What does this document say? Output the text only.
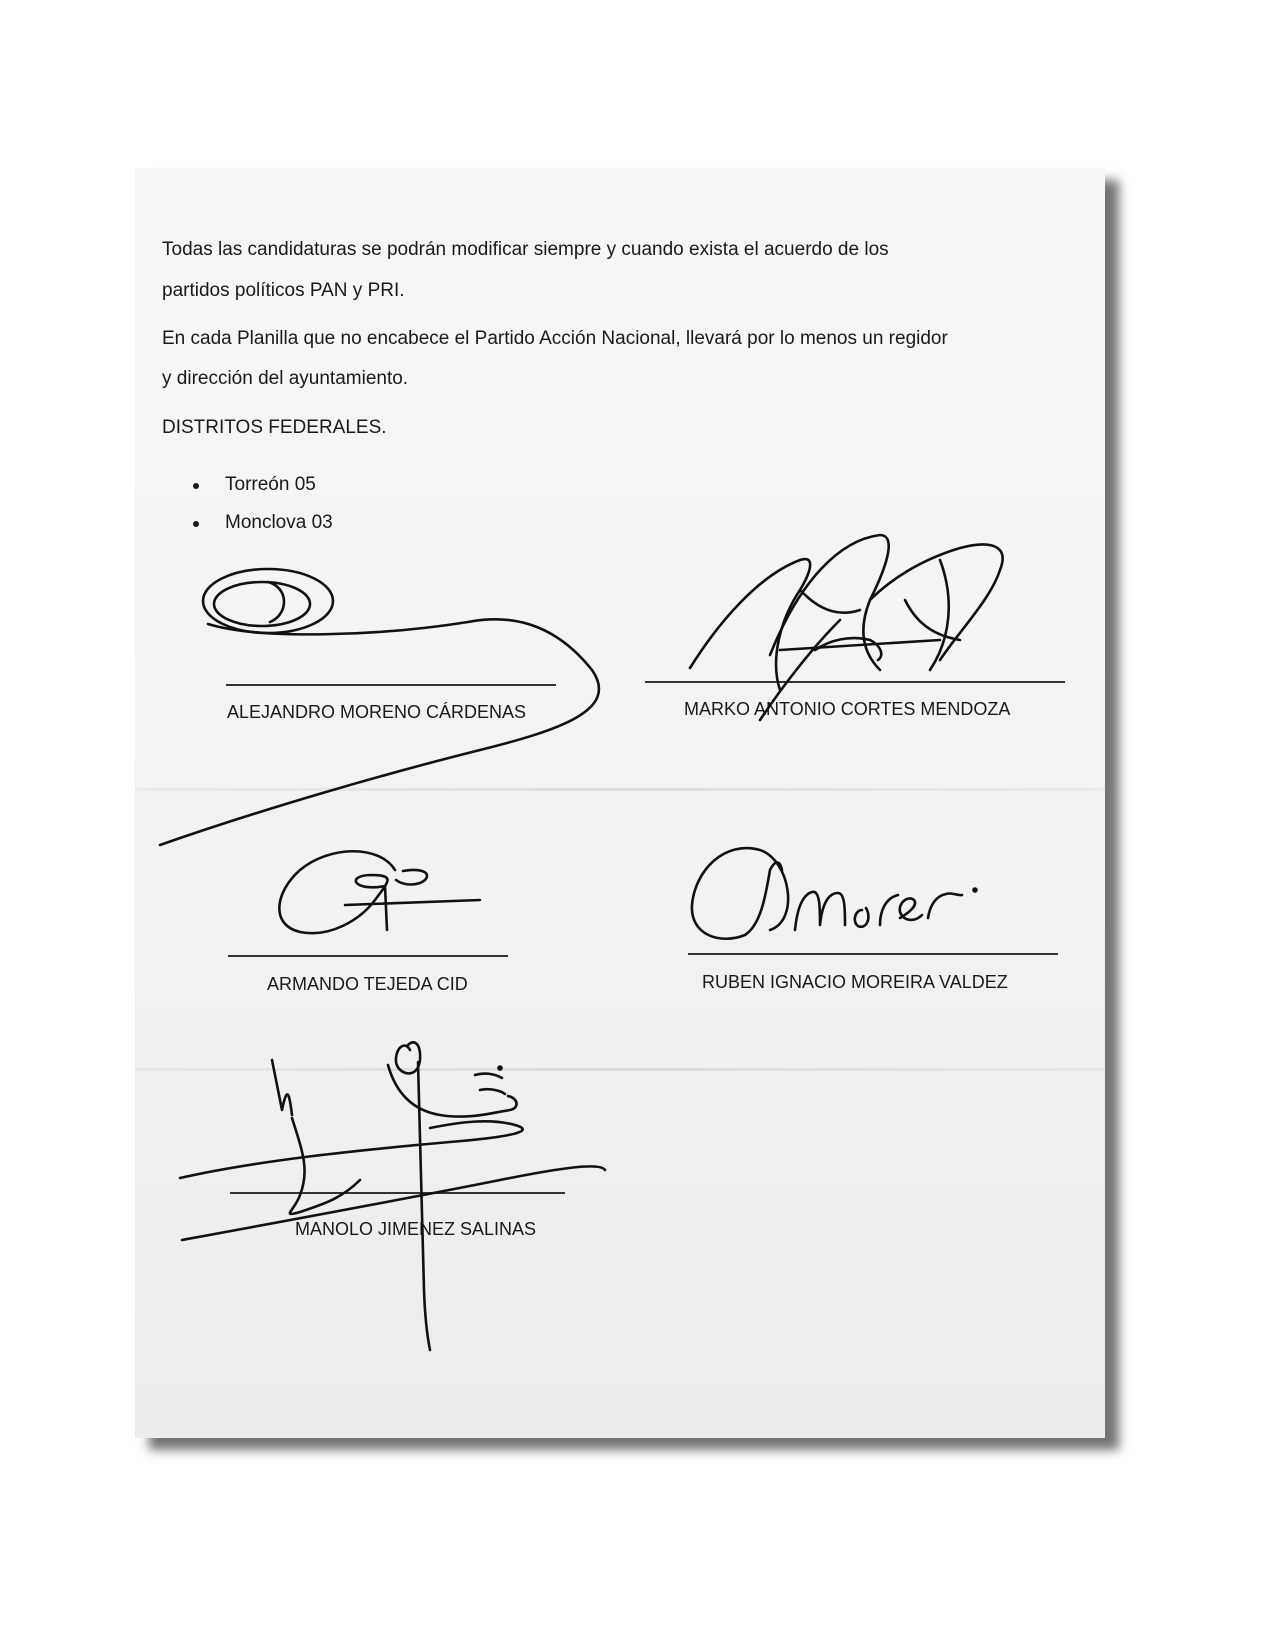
Todas las candidaturas se podrán modificar siempre y cuando exista el acuerdo de los
partidos políticos PAN y PRI.
En cada Planilla que no encabece el Partido Acción Nacional, llevará por lo menos un regidor
y dirección del ayuntamiento.
DISTRITOS FEDERALES.
Torreón 05
Monclova 03
ALEJANDRO MORENO CÁRDENAS	MARKO ANTONIO CORTES MENDOZA
ARMANDO TEJEDA CID	RUBEN IGNACIO MOREIRA VALDEZ
MANOLO JIMENEZ SALINAS
